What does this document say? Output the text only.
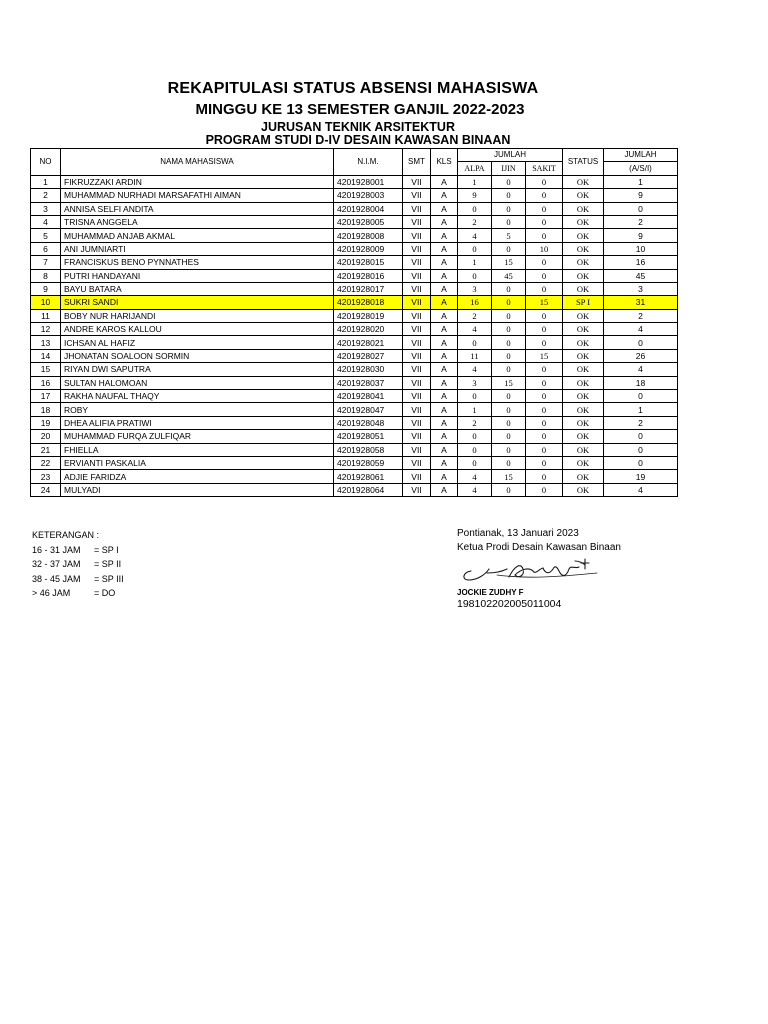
REKAPITULASI STATUS ABSENSI MAHASISWA
MINGGU KE 13 SEMESTER GANJIL 2022-2023
JURUSAN TEKNIK ARSITEKTUR
PROGRAM STUDI D-IV DESAIN KAWASAN BINAAN
NO	NAMA MAHASISWA	N.I.M.	SMT	KLS	JUMLAH			STATUS	JUMLAH
					ALPA	IJIN	SAKIT		(A/S/I)
1	FIKRUZZAKI ARDIN	4201928001	VII	A	1	0	0	OK	1
2	MUHAMMAD NURHADI MARSAFATHI AIMAN	4201928003	VII	A	9	0	0	OK	9
3	ANNISA SELFI ANDITA	4201928004	VII	A	0	0	0	OK	0
4	TRISNA ANGGELA	4201928005	VII	A	2	0	0	OK	2
5	MUHAMMAD ANJAB AKMAL	4201928008	VII	A	4	5	0	OK	9
6	ANI JUMNIARTI	4201928009	VII	A	0	0	10	OK	10
7	FRANCISKUS BENO PYNNATHES	4201928015	VII	A	1	15	0	OK	16
8	PUTRI HANDAYANI	4201928016	VII	A	0	45	0	OK	45
9	BAYU BATARA	4201928017	VII	A	3	0	0	OK	3
10	SUKRI SANDI	4201928018	VII	A	16	0	15	SP I	31
11	BOBY NUR HARIJANDI	4201928019	VII	A	2	0	0	OK	2
12	ANDRE KAROS KALLOU	4201928020	VII	A	4	0	0	OK	4
13	ICHSAN AL HAFIZ	4201928021	VII	A	0	0	0	OK	0
14	JHONATAN SOALOON SORMIN	4201928027	VII	A	11	0	15	OK	26
15	RIYAN DWI SAPUTRA	4201928030	VII	A	4	0	0	OK	4
16	SULTAN HALOMOAN	4201928037	VII	A	3	15	0	OK	18
17	RAKHA NAUFAL THAQY	4201928041	VII	A	0	0	0	OK	0
18	ROBY	4201928047	VII	A	1	0	0	OK	1
19	DHEA ALIFIA PRATIWI	4201928048	VII	A	2	0	0	OK	2
20	MUHAMMAD FURQA ZULFIQAR	4201928051	VII	A	0	0	0	OK	0
21	FHIELLA	4201928058	VII	A	0	0	0	OK	0
22	ERVIANTI PASKALIA	4201928059	VII	A	0	0	0	OK	0
23	ADJIE FARIDZA	4201928061	VII	A	4	15	0	OK	19
24	MULYADI	4201928064	VII	A	4	0	0	OK	4
KETERANGAN :
16 - 31 JAM	= SP I
32 - 37 JAM	= SP II
38 - 45 JAM	= SP III
> 46 JAM	= DO
Pontianak, 13 Januari 2023
Ketua Prodi Desain Kawasan Binaan
JOCKIE ZUDHY F
198102202005011004
